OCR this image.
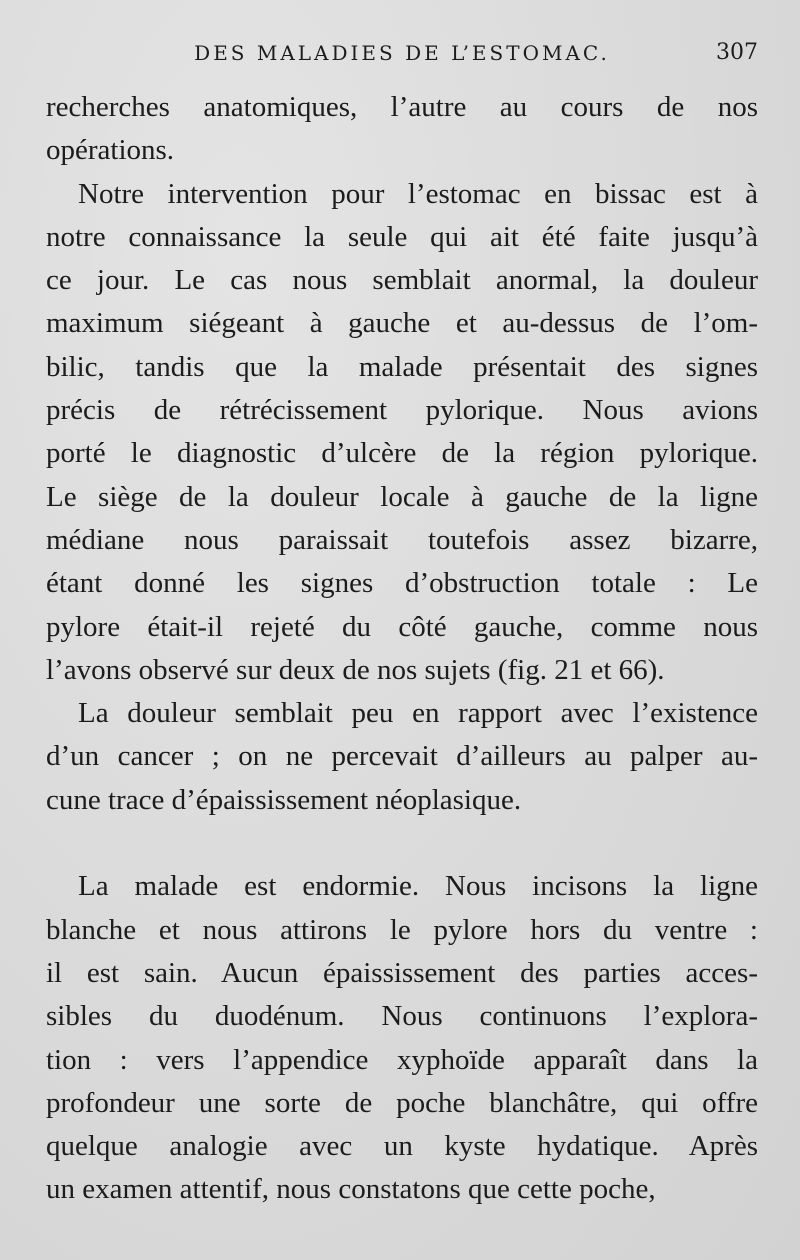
DES MALADIES DE L’ESTOMAC.	307
recherches anatomiques, l’autre au cours de nos
opérations.
Notre intervention pour l’estomac en bissac est à
notre connaissance la seule qui ait été faite jusqu’à
ce jour. Le cas nous semblait anormal, la douleur
maximum siégeant à gauche et au-dessus de l’om-
bilic, tandis que la malade présentait des signes
précis de rétrécissement pylorique. Nous avions
porté le diagnostic d’ulcère de la région pylorique.
Le siège de la douleur locale à gauche de la ligne
médiane nous paraissait toutefois assez bizarre,
étant donné les signes d’obstruction totale : Le
pylore était-il rejeté du côté gauche, comme nous
l’avons observé sur deux de nos sujets (fig. 21 et 66).
La douleur semblait peu en rapport avec l’existence
d’un cancer ; on ne percevait d’ailleurs au palper au-
cune trace d’épaississement néoplasique.
La malade est endormie. Nous incisons la ligne
blanche et nous attirons le pylore hors du ventre :
il est sain. Aucun épaississement des parties acces-
sibles du duodénum. Nous continuons l’explora-
tion : vers l’appendice xyphoïde apparaît dans la
profondeur une sorte de poche blanchâtre, qui offre
quelque analogie avec un kyste hydatique. Après
un examen attentif, nous constatons que cette poche,
